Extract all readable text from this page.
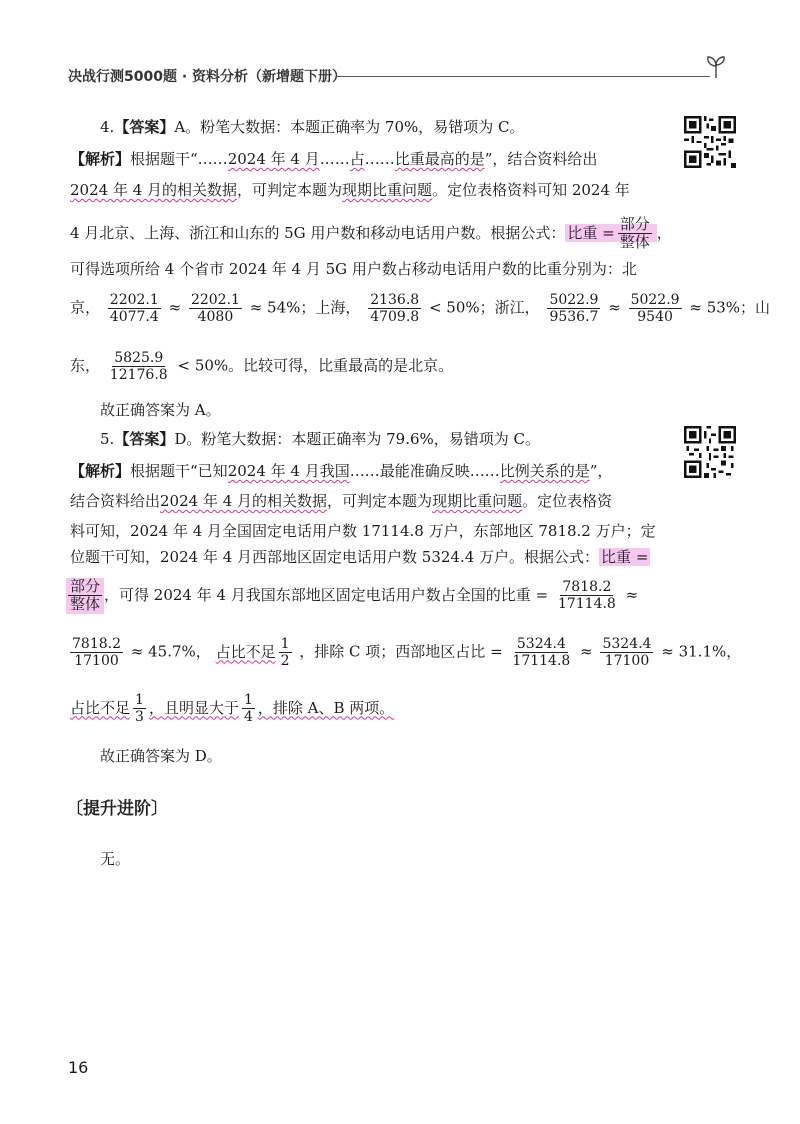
决战行测5000题 · 资料分析（新增题下册）
4.【答案】A。粉笔大数据：本题正确率为 70%，易错项为 C。
【解析】根据题干“……2024 年 4 月……占……比重最高的是”，结合资料给出
2024 年 4 月的相关数据，可判定本题为现期比重问题。定位表格资料可知 2024 年
4 月北京、上海、浙江和山东的 5G 用户数和移动电话用户数。根据公式： 比重 = $\frac{\text{部分}}{\text{整体}}$ ，
可得选项所给 4 个省市 2024 年 4 月 5G 用户数占移动电话用户数的比重分别为：北
京， $\frac{2202.1}{4077.4} \approx \frac{2202.1}{4080} \approx 54\%$；上海， $\frac{2136.8}{4709.8} < 50\%$；浙江， $\frac{5022.9}{9536.7} \approx \frac{5022.9}{9540} \approx 53\%$；山
东， $\frac{5825.9}{12176.8} < 50\%$。比较可得，比重最高的是北京。
故正确答案为 A。
5.【答案】D。粉笔大数据：本题正确率为 79.6%，易错项为 C。
【解析】根据题干“已知2024 年 4 月我国……最能准确反映……比例关系的是”，
结合资料给出2024 年 4 月的相关数据，可判定本题为现期比重问题。定位表格资
料可知，2024 年 4 月全国固定电话用户数 17114.8 万户，东部地区 7818.2 万户；定
位题干可知，2024 年 4 月西部地区固定电话用户数 5324.4 万户。根据公式： 比重 =
$\frac{\text{部分}}{\text{整体}}$ ，可得 2024 年 4 月我国东部地区固定电话用户数占全国的比重 = $\frac{7818.2}{17114.8}$ ≈
$\frac{7818.2}{17100} \approx 45.7\%$， 占比不足 $\frac{1}{2}$ ，排除 C 项；西部地区占比 = $\frac{5324.4}{17114.8} \approx \frac{5324.4}{17100} \approx 31.1\%$，
占比不足 $\frac{1}{3}$ ，且明显大于 $\frac{1}{4}$ ，排除 A、B 两项。
故正确答案为 D。
〔提升进阶〕
无。
16
